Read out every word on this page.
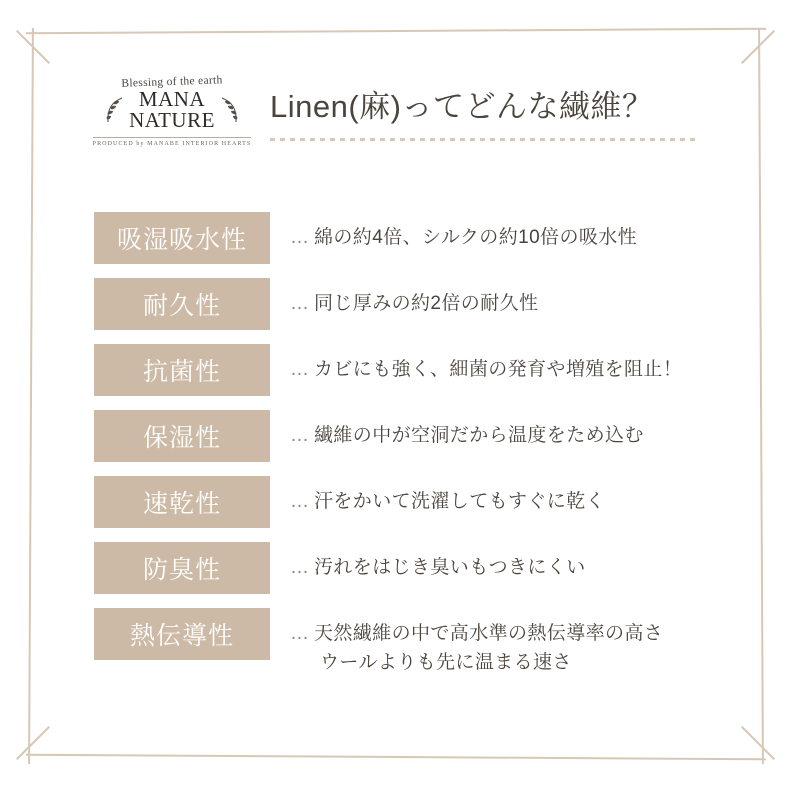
Blessing of the earth
MANA
NATURE
PRODUCED by MANABE INTERIOR HEARTS
Linen(麻)ってどんな繊維？
吸湿吸水性	… 綿の約4倍、シルクの約10倍の吸水性
耐久性	… 同じ厚みの約2倍の耐久性
抗菌性	… カビにも強く、細菌の発育や増殖を阻止！
保湿性	… 繊維の中が空洞だから温度をため込む
速乾性	… 汗をかいて洗濯してもすぐに乾く
防臭性	… 汚れをはじき臭いもつきにくい
熱伝導性	… 天然繊維の中で高水準の熱伝導率の高さ
ウールよりも先に温まる速さ
